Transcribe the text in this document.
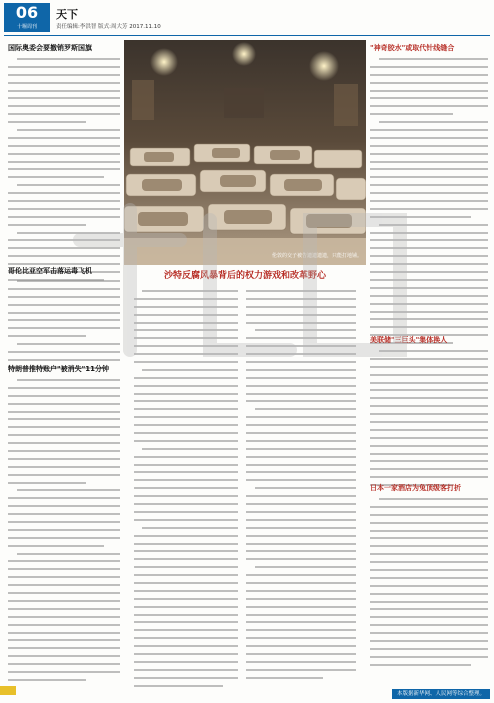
06
十堰周刊
天下
责任编辑:李洪智 版式:周大芳 2017.11.10
国际奥委会要撤销罗斯国旗
哥伦比亚空军击落运毒飞机
特朗普推特账户"被消失"11分钟
伦敦的交子被告遗遗遗遗，只能打地铺。
沙特反腐风暴背后的权力游戏和改革野心
"神奇胶水"或取代针线缝合
美联储"三巨头"集体换人
日本一家酒店为兔顶级客打折
本版据新华网、人民网等综合整理。
